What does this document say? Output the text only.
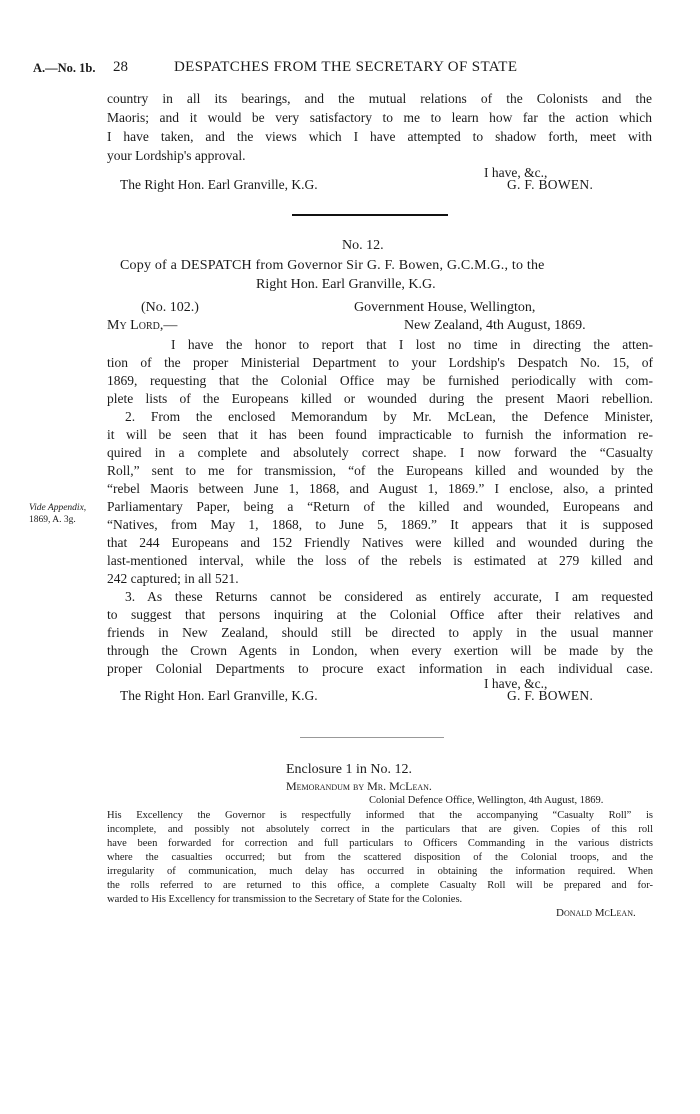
A.—No. 1b. 28	DESPATCHES FROM THE SECRETARY OF STATE
country in all its bearings, and the mutual relations of the Colonists and the
Maoris; and it would be very satisfactory to me to learn how far the action which
I have taken, and the views which I have attempted to shadow forth, meet with
your Lordship's approval.
I have, &c.,
The Right Hon. Earl Granville, K.G.	G. F. BOWEN.
No. 12.
Copy of a DESPATCH from Governor Sir G. F. Bowen, G.C.M.G., to the
Right Hon. Earl Granville, K.G.
(No. 102.)	Government House, Wellington,
My Lord,—	New Zealand, 4th August, 1869.
I have the honor to report that I lost no time in directing the atten-
tion of the proper Ministerial Department to your Lordship's Despatch No. 15, of
1869, requesting that the Colonial Office may be furnished periodically with com-
plete lists of the Europeans killed or wounded during the present Maori rebellion.
2. From the enclosed Memorandum by Mr. McLean, the Defence Minister,
it will be seen that it has been found impracticable to furnish the information re-
quired in a complete and absolutely correct shape. I now forward the “Casualty
Roll,” sent to me for transmission, “of the Europeans killed and wounded by the
“rebel Maoris between June 1, 1868, and August 1, 1869.” I enclose, also, a printed
Parliamentary Paper, being a “Return of the killed and wounded, Europeans and
“Natives, from May 1, 1868, to June 5, 1869.” It appears that it is supposed
that 244 Europeans and 152 Friendly Natives were killed and wounded during the
last-mentioned interval, while the loss of the rebels is estimated at 279 killed and
242 captured; in all 521.
3. As these Returns cannot be considered as entirely accurate, I am requested
to suggest that persons inquiring at the Colonial Office after their relatives and
friends in New Zealand, should still be directed to apply in the usual manner
through the Crown Agents in London, when every exertion will be made by the
proper Colonial Departments to procure exact information in each individual case.
Vide Appendix,
1869, A. 3g.
I have, &c.,
The Right Hon. Earl Granville, K.G.	G. F. BOWEN.
Enclosure 1 in No. 12.
Memorandum by Mr. McLean.
Colonial Defence Office, Wellington, 4th August, 1869.
His Excellency the Governor is respectfully informed that the accompanying “Casualty Roll” is
incomplete, and possibly not absolutely correct in the particulars that are given. Copies of this roll
have been forwarded for correction and full particulars to Officers Commanding in the various districts
where the casualties occurred; but from the scattered disposition of the Colonial troops, and the
irregularity of communication, much delay has occurred in obtaining the information required. When
the rolls referred to are returned to this office, a complete Casualty Roll will be prepared and for-
warded to His Excellency for transmission to the Secretary of State for the Colonies.
Donald McLean.
